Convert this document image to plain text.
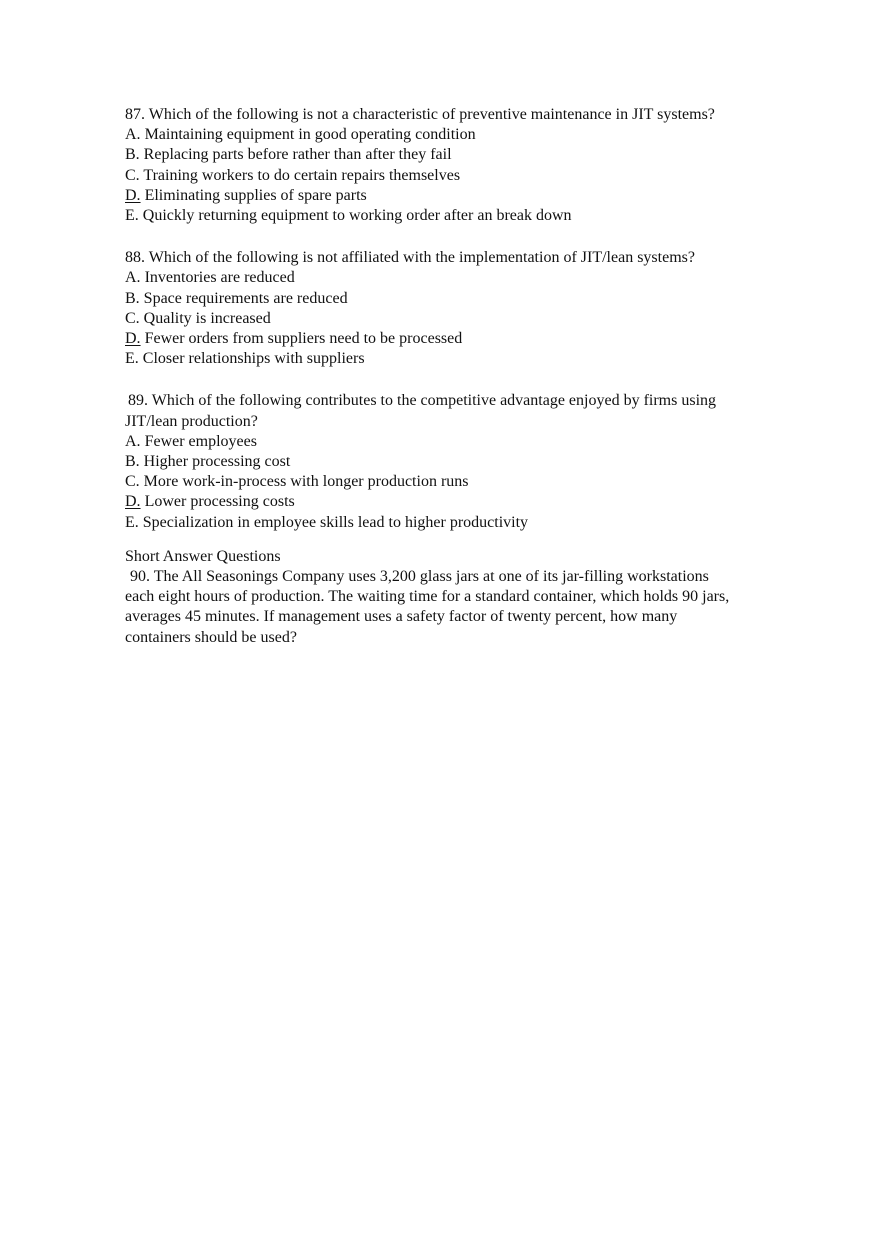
87. Which of the following is not a characteristic of preventive maintenance in JIT systems?
A. Maintaining equipment in good operating condition
B. Replacing parts before rather than after they fail
C. Training workers to do certain repairs themselves
D. Eliminating supplies of spare parts
E. Quickly returning equipment to working order after an break down
88. Which of the following is not affiliated with the implementation of JIT/lean systems?
A. Inventories are reduced
B. Space requirements are reduced
C. Quality is increased
D. Fewer orders from suppliers need to be processed
E. Closer relationships with suppliers
89. Which of the following contributes to the competitive advantage enjoyed by firms using
JIT/lean production?
A. Fewer employees
B. Higher processing cost
C. More work-in-process with longer production runs
D. Lower processing costs
E. Specialization in employee skills lead to higher productivity
Short Answer Questions
90. The All Seasonings Company uses 3,200 glass jars at one of its jar-filling workstations
each eight hours of production. The waiting time for a standard container, which holds 90 jars,
averages 45 minutes. If management uses a safety factor of twenty percent, how many
containers should be used?
